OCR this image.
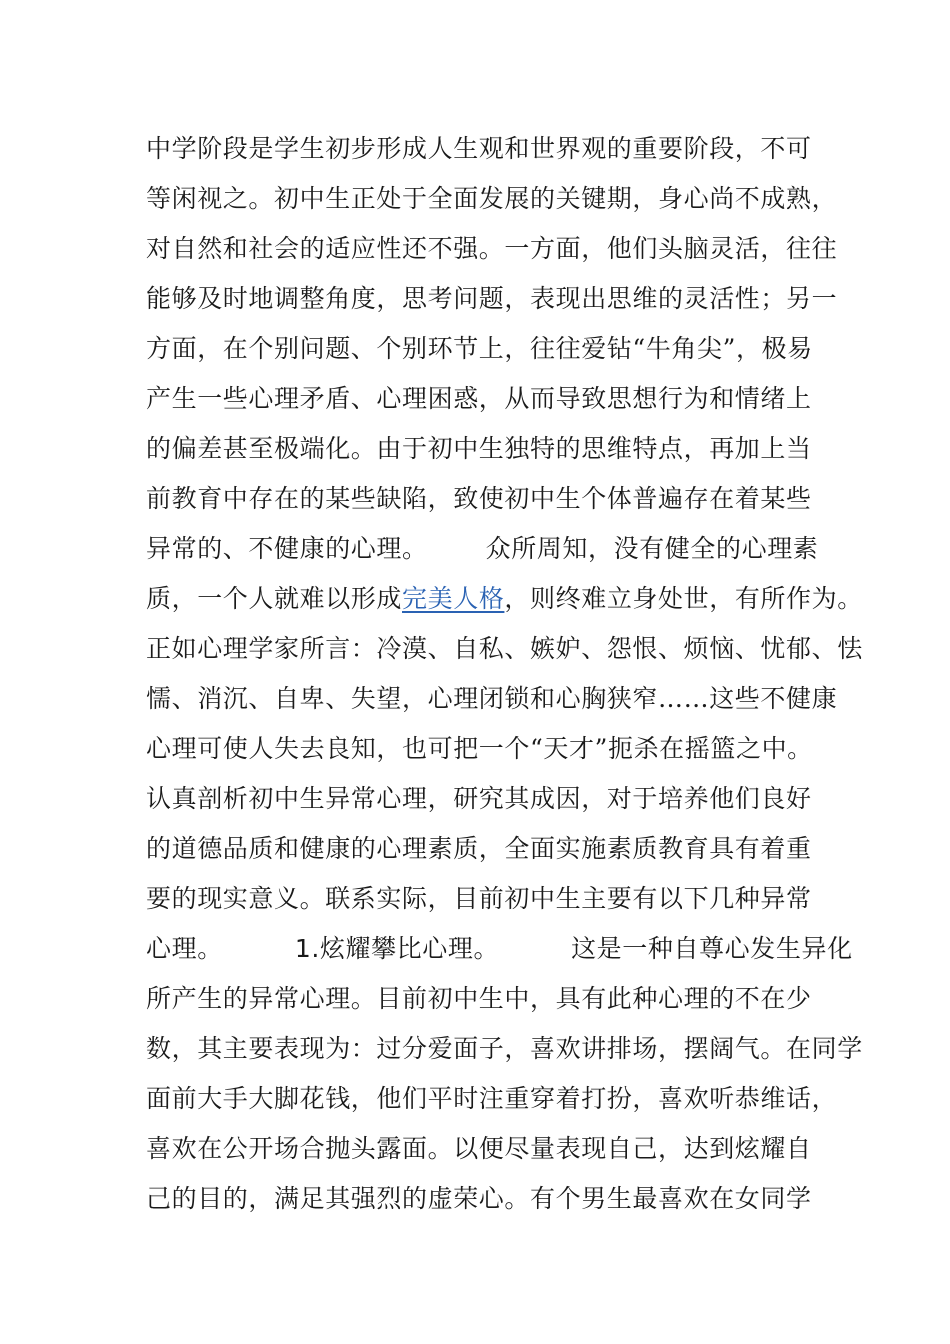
中学阶段是学生初步形成人生观和世界观的重要阶段，不可
等闲视之。初中生正处于全面发展的关键期，身心尚不成熟，
对自然和社会的适应性还不强。一方面，他们头脑灵活，往往
能够及时地调整角度，思考问题，表现出思维的灵活性；另一
方面，在个别问题、个别环节上，往往爱钻“牛角尖”，极易
产生一些心理矛盾、心理困惑，从而导致思想行为和情绪上
的偏差甚至极端化。由于初中生独特的思维特点，再加上当
前教育中存在的某些缺陷，致使初中生个体普遍存在着某些
异常的、不健康的心理。 众所周知，没有健全的心理素
质，一个人就难以形成完美人格，则终难立身处世，有所作为。
正如心理学家所言：冷漠、自私、嫉妒、怨恨、烦恼、忧郁、怯
懦、消沉、自卑、失望，心理闭锁和心胸狭窄……这些不健康
心理可使人失去良知，也可把一个“天才”扼杀在摇篮之中。
认真剖析初中生异常心理，研究其成因，对于培养他们良好
的道德品质和健康的心理素质，全面实施素质教育具有着重
要的现实意义。联系实际，目前初中生主要有以下几种异常
心理。	1.炫耀攀比心理。	这是一种自尊心发生异化
所产生的异常心理。目前初中生中，具有此种心理的不在少
数，其主要表现为：过分爱面子，喜欢讲排场，摆阔气。在同学
面前大手大脚花钱，他们平时注重穿着打扮，喜欢听恭维话，
喜欢在公开场合抛头露面。以便尽量表现自己，达到炫耀自
己的目的，满足其强烈的虚荣心。有个男生最喜欢在女同学
